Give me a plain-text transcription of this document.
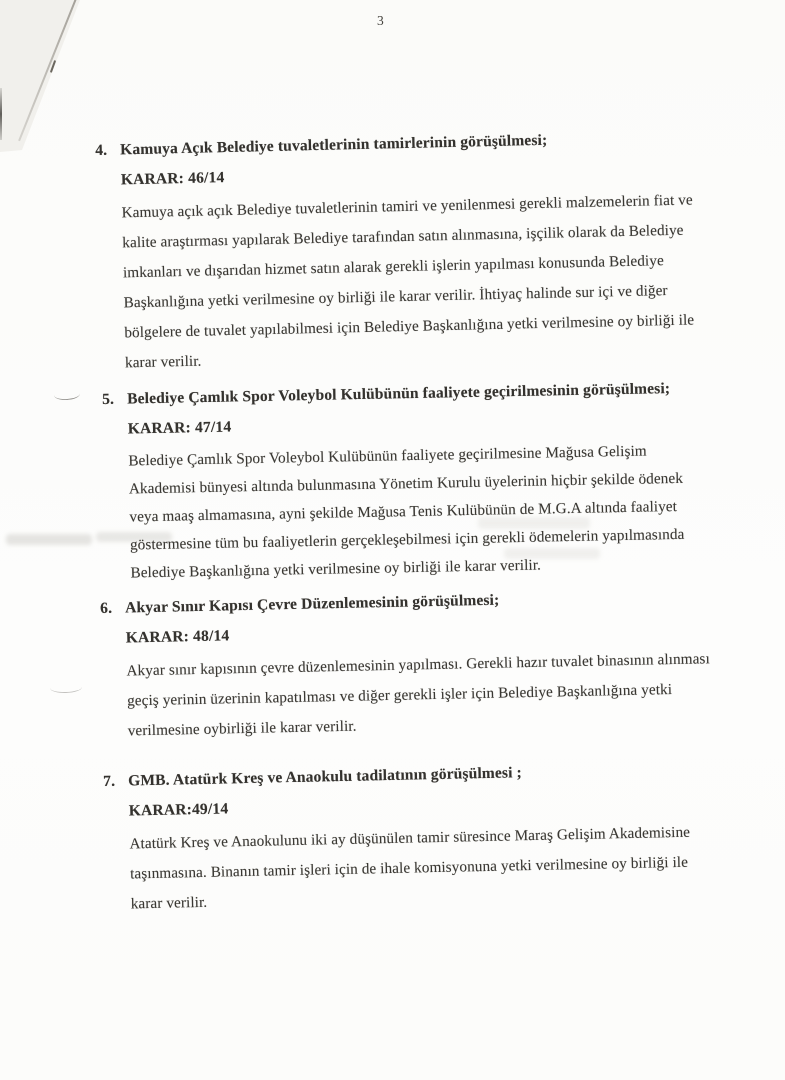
3
4. Kamuya Açık Belediye tuvaletlerinin tamirlerinin görüşülmesi;
KARAR: 46/14
Kamuya açık açık Belediye tuvaletlerinin tamiri ve yenilenmesi gerekli malzemelerin fiat ve
kalite araştırması yapılarak Belediye tarafından satın alınmasına, işçilik olarak da Belediye
imkanları ve dışarıdan hizmet satın alarak gerekli işlerin yapılması konusunda Belediye
Başkanlığına yetki verilmesine oy birliği ile karar verilir. İhtiyaç halinde sur içi ve diğer
bölgelere de tuvalet yapılabilmesi için Belediye Başkanlığına yetki verilmesine oy birliği ile
karar verilir.
5. Belediye Çamlık Spor Voleybol Kulübünün faaliyete geçirilmesinin görüşülmesi;
KARAR: 47/14
Belediye Çamlık Spor Voleybol Kulübünün faaliyete geçirilmesine Mağusa Gelişim
Akademisi bünyesi altında bulunmasına Yönetim Kurulu üyelerinin hiçbir şekilde ödenek
veya maaş almamasına, ayni şekilde Mağusa Tenis Kulübünün de M.G.A altında faaliyet
göstermesine tüm bu faaliyetlerin gerçekleşebilmesi için gerekli ödemelerin yapılmasında
Belediye Başkanlığına yetki verilmesine oy birliği ile karar verilir.
6. Akyar Sınır Kapısı Çevre Düzenlemesinin görüşülmesi;
KARAR: 48/14
Akyar sınır kapısının çevre düzenlemesinin yapılması. Gerekli hazır tuvalet binasının alınması
geçiş yerinin üzerinin kapatılması ve diğer gerekli işler için Belediye Başkanlığına yetki
verilmesine oybirliği ile karar verilir.
7. GMB. Atatürk Kreş ve Anaokulu tadilatının görüşülmesi ;
KARAR:49/14
Atatürk Kreş ve Anaokulunu iki ay düşünülen tamir süresince Maraş Gelişim Akademisine
taşınmasına. Binanın tamir işleri için de ihale komisyonuna yetki verilmesine oy birliği ile
karar verilir.
